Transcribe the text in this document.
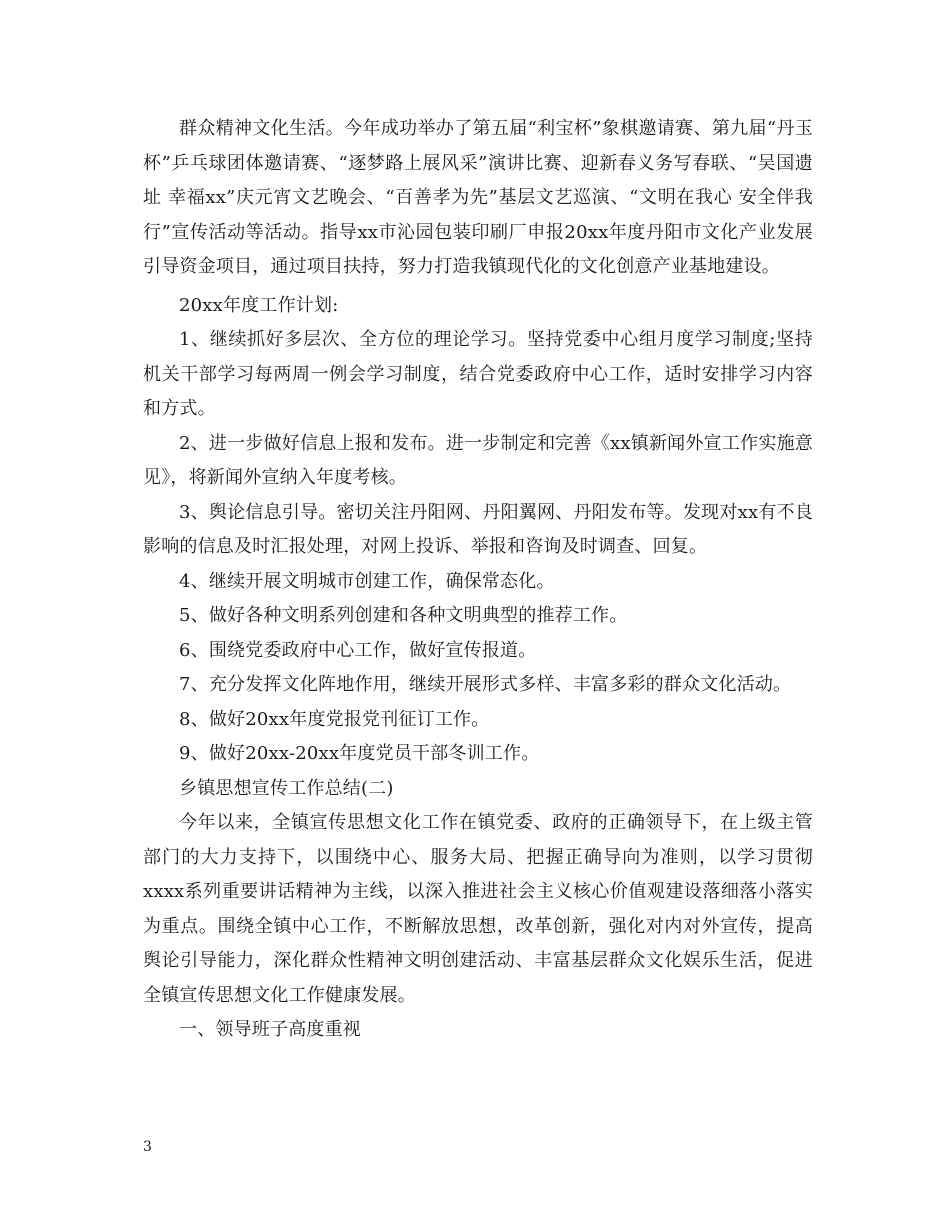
群众精神文化生活。今年成功举办了第五届“利宝杯”象棋邀请赛、第九届“丹玉杯”乒乓球团体邀请赛、“逐梦路上展风采”演讲比赛、迎新春义务写春联、“吴国遗址 幸福xx”庆元宵文艺晚会、“百善孝为先”基层文艺巡演、“文明在我心 安全伴我行”宣传活动等活动。指导xx市沁园包装印刷厂申报20xx年度丹阳市文化产业发展引导资金项目，通过项目扶持，努力打造我镇现代化的文化创意产业基地建设。

20xx年度工作计划:

1、继续抓好多层次、全方位的理论学习。坚持党委中心组月度学习制度;坚持机关干部学习每两周一例会学习制度，结合党委政府中心工作，适时安排学习内容和方式。

2、进一步做好信息上报和发布。进一步制定和完善《xx镇新闻外宣工作实施意见》，将新闻外宣纳入年度考核。

3、舆论信息引导。密切关注丹阳网、丹阳翼网、丹阳发布等。发现对xx有不良影响的信息及时汇报处理，对网上投诉、举报和咨询及时调查、回复。

4、继续开展文明城市创建工作，确保常态化。

5、做好各种文明系列创建和各种文明典型的推荐工作。

6、围绕党委政府中心工作，做好宣传报道。

7、充分发挥文化阵地作用，继续开展形式多样、丰富多彩的群众文化活动。

8、做好20xx年度党报党刊征订工作。

9、做好20xx-20xx年度党员干部冬训工作。

乡镇思想宣传工作总结(二)

今年以来，全镇宣传思想文化工作在镇党委、政府的正确领导下，在上级主管部门的大力支持下，以围绕中心、服务大局、把握正确导向为准则，以学习贯彻xxxx系列重要讲话精神为主线，以深入推进社会主义核心价值观建设落细落小落实为重点。围绕全镇中心工作，不断解放思想，改革创新，强化对内对外宣传，提高舆论引导能力，深化群众性精神文明创建活动、丰富基层群众文化娱乐生活，促进全镇宣传思想文化工作健康发展。

一、领导班子高度重视

3
